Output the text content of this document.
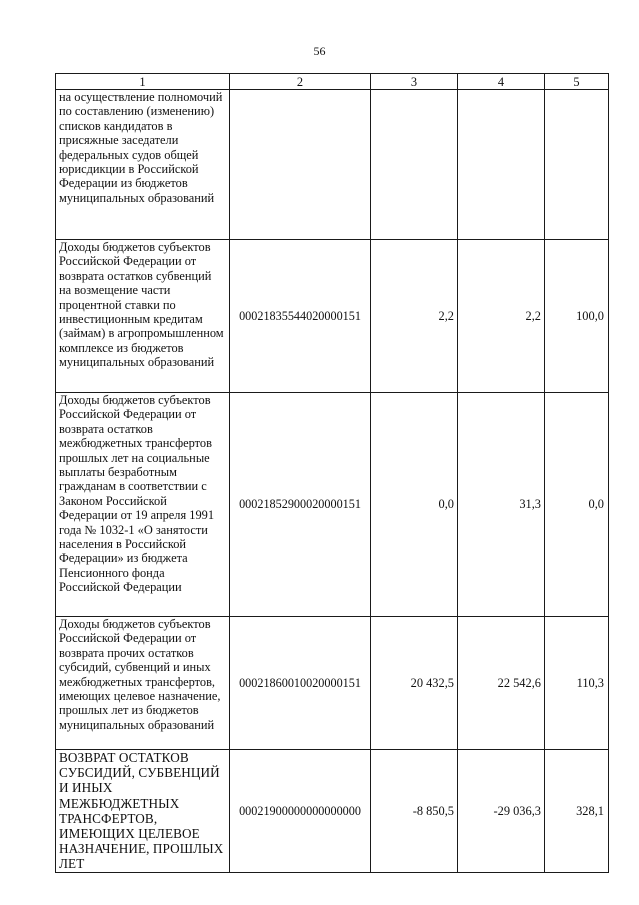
56
1	2	3	4	5
на осуществление полномочий по составлению (изменению) списков кандидатов в присяжные заседатели федеральных судов общей юрисдикции в Российской Федерации из бюджетов муниципальных образований				
Доходы бюджетов субъектов Российской Федерации от возврата остатков субвенций на возмещение части процентной ставки по инвестиционным кредитам (займам) в агропромышленном комплексе из бюджетов муниципальных образований	00021835544020000151	2,2	2,2	100,0
Доходы бюджетов субъектов Российской Федерации от возврата остатков межбюджетных трансфертов прошлых лет на социальные выплаты безработным гражданам в соответствии с Законом Российской Федерации от 19 апреля 1991 года № 1032-1 «О занятости населения в Российской Федерации» из бюджета Пенсионного фонда Российской Федерации	00021852900020000151	0,0	31,3	0,0
Доходы бюджетов субъектов Российской Федерации от возврата прочих остатков субсидий, субвенций и иных межбюджетных трансфертов, имеющих целевое назначение, прошлых лет из бюджетов муниципальных образований	00021860010020000151	20 432,5	22 542,6	110,3
ВОЗВРАТ ОСТАТКОВ СУБСИДИЙ, СУБВЕНЦИЙ И ИНЫХ МЕЖБЮДЖЕТНЫХ ТРАНСФЕРТОВ, ИМЕЮЩИХ ЦЕЛЕВОЕ НАЗНАЧЕНИЕ, ПРОШЛЫХ ЛЕТ	00021900000000000000	-8 850,5	-29 036,3	328,1
